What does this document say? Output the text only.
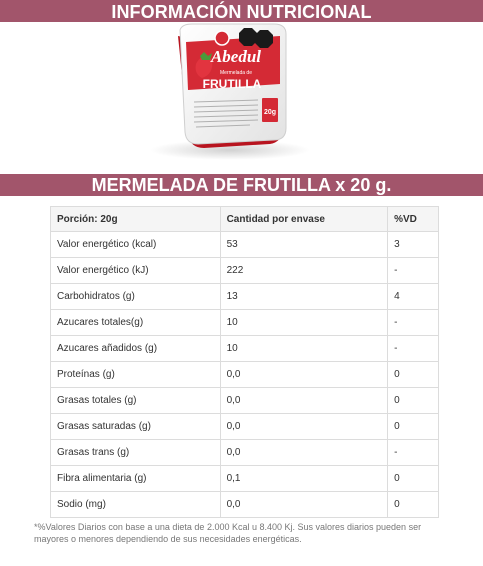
INFORMACIÓN NUTRICIONAL
Abedul
Mermelada de
FRUTILLA
20g
MERMELADA DE FRUTILLA x 20 g.
Porción: 20g	Cantidad por envase	%VD
Valor energético (kcal)	53	3
Valor energético (kJ)	222	-
Carbohidratos (g)	13	4
Azucares totales(g)	10	-
Azucares añadidos (g)	10	-
Proteínas (g)	0,0	0
Grasas totales (g)	0,0	0
Grasas saturadas (g)	0,0	0
Grasas trans (g)	0,0	-
Fibra alimentaria (g)	0,1	0
Sodio (mg)	0,0	0
*%Valores Diarios con base a una dieta de 2.000 Kcal u 8.400 Kj. Sus valores diarios pueden ser mayores o menores dependiendo de sus necesidades energéticas.
